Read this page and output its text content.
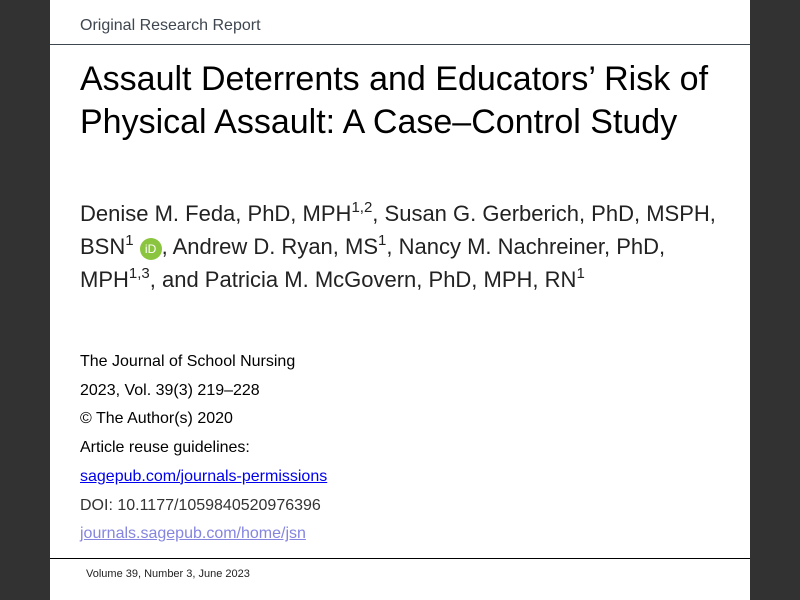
Original Research Report
Assault Deterrents and Educators’ Risk of Physical Assault: A Case–Control Study
Denise M. Feda, PhD, MPH$^{1,2}$, Susan G. Gerberich, PhD, MSPH, BSN$^1$ iD , Andrew D. Ryan, $MS^1$, Nancy M. Nachreiner, PhD, MPH$^{1,3}$, and Patricia M. McGovern, PhD, MPH, $RN^1$
The Journal of School Nursing
2023, Vol. 39(3) 219–228
© The Author(s) 2020
Article reuse guidelines:
sagepub.com/journals-permissions
DOI: 10.1177/1059840520976396
journals.sagepub.com/home/jsn
Volume 39, Number 3, June 2023
